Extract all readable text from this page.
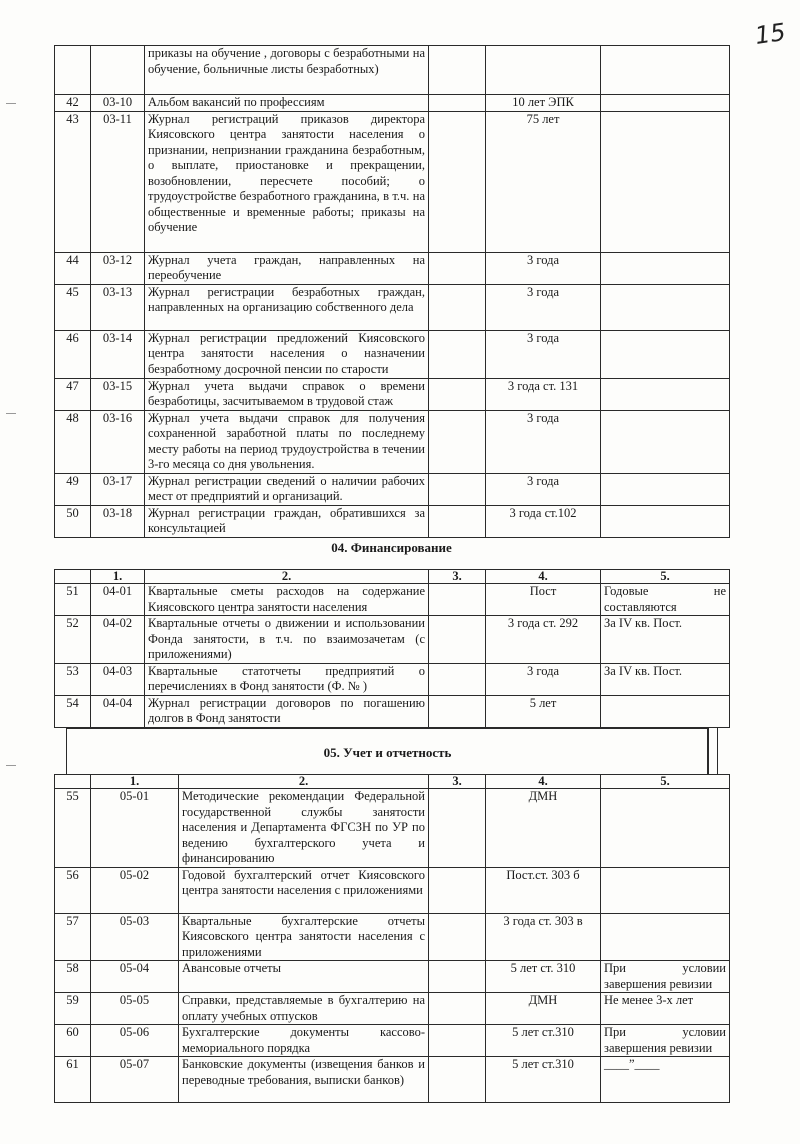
15
		приказы на обучение , договоры с безработными на обучение, больничные листы безработных)			
42	03-10	Альбом вакансий по профессиям		10 лет ЭПК	
43	03-11	Журнал регистраций приказов директора Киясовского центра занятости населения о признании, непризнании гражданина безработным, о выплате, приостановке и прекращении, возобновлении, пересчете пособий; о трудоустройстве безработного гражданина, в т.ч. на общественные и временные работы; приказы на обучение		75 лет	
44	03-12	Журнал учета граждан, направленных на переобучение		3 года	
45	03-13	Журнал регистрации безработных граждан, направленных на организацию собственного дела		3 года	
46	03-14	Журнал регистрации предложений Киясовского центра занятости населения о назначении безработному досрочной пенсии по старости		3 года	
47	03-15	Журнал учета выдачи справок о времени безработицы, засчитываемом в трудовой стаж		3 года ст. 131	
48	03-16	Журнал учета выдачи справок для получения сохраненной заработной платы по последнему месту работы на период трудоустройства в течении 3-го месяца со дня увольнения.		3 года	
49	03-17	Журнал регистрации сведений о наличии рабочих мест от предприятий и организаций.		3 года	
50	03-18	Журнал регистрации граждан, обратившихся за консультацией		3 года ст.102	
04. Финансирование
	1.	2.	3.	4.	5.
51	04-01	Квартальные сметы расходов на содержание Киясовского центра занятости населения		Пост	Годовые не составляются
52	04-02	Квартальные отчеты о движении и использовании Фонда занятости, в т.ч. по взаимозачетам (с приложениями)		3 года ст. 292	За IV кв. Пост.
53	04-03	Квартальные статотчеты предприятий о перечислениях в Фонд занятости (Ф. № )		3 года	За IV кв. Пост.
54	04-04	Журнал регистрации договоров по погашению долгов в Фонд занятости		5 лет	
05. Учет и отчетность
	1.	2.	3.	4.	5.
55	05-01	Методические рекомендации Федеральной государственной службы занятости населения и Департамента ФГСЗН по УР по ведению бухгалтерского учета и финансированию		ДМН	
56	05-02	Годовой бухгалтерский отчет Киясовского центра занятости населения с приложениями		Пост.ст. 303 б	
57	05-03	Квартальные бухгалтерские отчеты Киясовского центра занятости населения с приложениями		3 года ст. 303 в	
58	05-04	Авансовые отчеты		5 лет ст. 310	При условии завершения ревизии
59	05-05	Справки, представляемые в бухгалтерию на оплату учебных отпусков		ДМН	Не менее 3-х лет
60	05-06	Бухгалтерские документы кассово-мемориального порядка		5 лет ст.310	При условии завершения ревизии
61	05-07	Банковские документы (извещения банков и переводные требования, выписки банков)		5 лет ст.310	____”____
